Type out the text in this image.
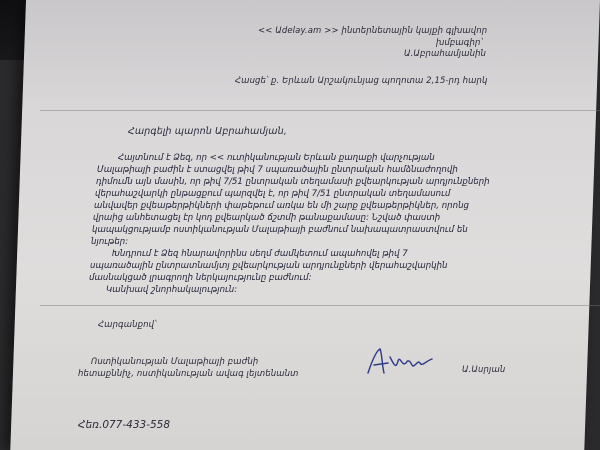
<< Աdelay.am >> ինտերնետային կայքի գլխավոր
խմբագիր՝
Ա.Աբրահամյանին
Հասցե՝ ք. Երևան Արշակունյաց պողոտա 2,15-րդ հարկ
Հարգելի պարոն Աբրահամյան,
Հայտնում է Ձեզ, որ << ուտիկանության Երևան քաղաքի վարչության
Մալաթիայի բաժին է ստացվել թիվ 7 սպառածային ընտրական համձնաժողովի
դիմումն այն մասին, որ թիվ 7/51 ընտրական տեղամասի քվեարկության արդյունքների
վերահաշվարկի ընթացքում պարզվել է, որ թիվ 7/51 ընտրական տեղամասում
անվավեր քվեաթերթիկների փաթեթում առկա են մի շարք քվեաթերթիկներ, որոնց
վրաից անհետացել էր կոդ քվեարկած ճշտմի թանաքամասը: Նշված փաստի
կապակցությամբ ոստիկանության Մալաթիայի բաժնում նախապատրաստվում են
նյութեր:
Խնդրում է Ձեզ հնարավորինս սեղմ ժամկետում ապահովել թիվ 7
սպառածային ընտրատնամյտյ քվեարկության արդյունքների վերահաշվարկին
մասնակցած լրագրողի ներկայությունը բաժնում:
Կանխավ շնորհակալություն:
Հարգանքով՝
Ոստիկանության Մալաթիայի բաժնի
հետաքննիչ, ոստիկանության ավագ լեյտենանտ	Ա.Ասրյան
Հեռ.077-433-558
